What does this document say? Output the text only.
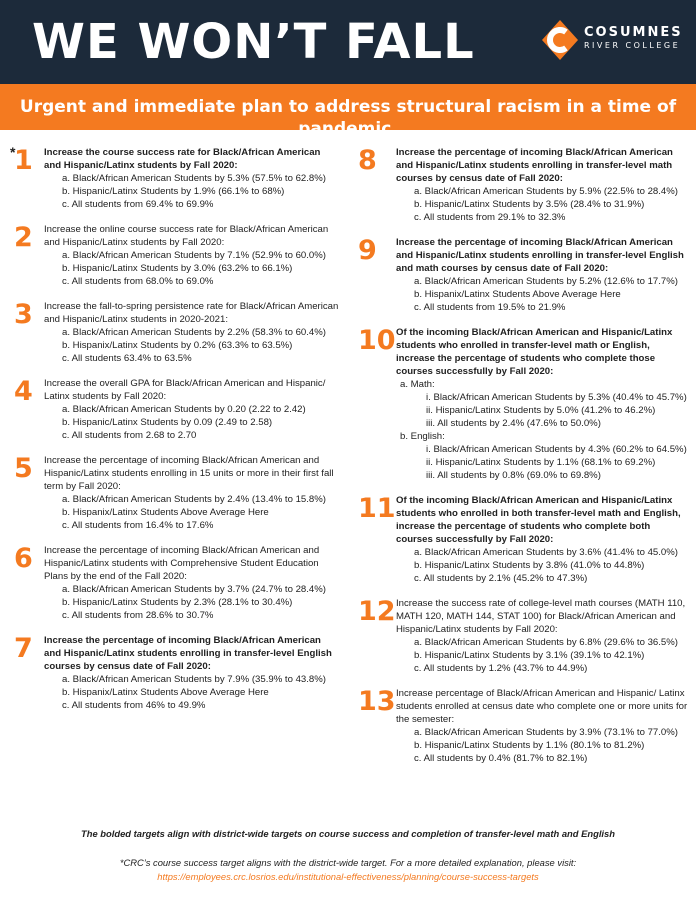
WE WON’T FALL	COSUMNES
RIVER COLLEGE

Urgent and immediate plan to address structural racism in a time of pandemic.

*
1 Increase the course success rate for Black/African American and Hispanic/Latinx students by Fall 2020:
a. Black/African American Students by 5.3% (57.5% to 62.8%)
b. Hispanic/Latinx Students by 1.9% (66.1% to 68%)
c. All students from 69.4% to 69.9%
2 Increase the online course success rate for Black/African American and Hispanic/Latinx students by Fall 2020:
a. Black/African American Students by 7.1% (52.9% to 60.0%)
b. Hispanic/Latinx Students by 3.0% (63.2% to 66.1%)
c. All students from 68.0% to 69.0%
3 Increase the fall-to-spring persistence rate for Black/African American and Hispanic/Latinx students in 2020-2021:
a. Black/African American Students by 2.2% (58.3% to 60.4%)
b. Hispanix/Latinx Students by 0.2% (63.3% to 63.5%)
c. All students 63.4% to 63.5%
4 Increase the overall GPA for Black/African American and Hispanic/ Latinx students by Fall 2020:
a. Black/African American Students by 0.20 (2.22 to 2.42)
b. Hispanic/Latinx Students by 0.09 (2.49 to 2.58)
c. All students from 2.68 to 2.70
5 Increase the percentage of incoming Black/African American and Hispanic/Latinx students enrolling in 15 units or more in their first fall term by Fall 2020:
a. Black/African American Students by 2.4% (13.4% to 15.8%)
b. Hispanix/Latinx Students Above Average Here
c. All students from 16.4% to 17.6%
6 Increase the percentage of incoming Black/African American and Hispanic/Latinx students with Comprehensive Student Education Plans by the end of the Fall 2020:
a. Black/African American Students by 3.7% (24.7% to 28.4%)
b. Hispanic/Latinx Students by 2.3% (28.1% to 30.4%)
c. All students from 28.6% to 30.7%
7 Increase the percentage of incoming Black/African American and Hispanic/Latinx students enrolling in transfer-level English courses by census date of Fall 2020:
a. Black/African American Students by 7.9% (35.9% to 43.8%)
b. Hispanix/Latinx Students Above Average Here
c. All students from 46% to 49.9%
8 Increase the percentage of incoming Black/African American and Hispanic/Latinx students enrolling in transfer-level math courses by census date of Fall 2020:
a. Black/African American Students by 5.9% (22.5% to 28.4%)
b. Hispanic/Latinx Students by 3.5% (28.4% to 31.9%)
c. All students from 29.1% to 32.3%
9 Increase the percentage of incoming Black/African American and Hispanic/Latinx students enrolling in transfer-level English and math courses by census date of Fall 2020:
a. Black/African American Students by 5.2% (12.6% to 17.7%)
b. Hispanix/Latinx Students Above Average Here
c. All students from 19.5% to 21.9%
10 Of the incoming Black/African American and Hispanic/Latinx students who enrolled in transfer-level math or English, increase the percentage of students who complete those courses successfully by Fall 2020:
a. Math:
i. Black/African American Students by 5.3% (40.4% to 45.7%)
ii. Hispanic/Latinx Students by 5.0% (41.2% to 46.2%)
iii. All students by 2.4% (47.6% to 50.0%)
b. English:
i. Black/African American Students by 4.3% (60.2% to 64.5%)
ii. Hispanic/Latinx Students by 1.1% (68.1% to 69.2%)
iii. All students by 0.8% (69.0% to 69.8%)
11 Of the incoming Black/African American and Hispanic/Latinx students who enrolled in both transfer-level math and English, increase the percentage of students who complete both courses successfully by Fall 2020:
a. Black/African American Students by 3.6% (41.4% to 45.0%)
b. Hispanic/Latinx Students by 3.8% (41.0% to 44.8%)
c. All students by 2.1% (45.2% to 47.3%)
12 Increase the success rate of college-level math courses (MATH 110, MATH 120, MATH 144, STAT 100) for Black/African American and Hispanic/Latinx students by Fall 2020:
a. Black/African American Students by 6.8% (29.6% to 36.5%)
b. Hispanic/Latinx Students by 3.1% (39.1% to 42.1%)
c. All students by 1.2% (43.7% to 44.9%)
13 Increase percentage of Black/African American and Hispanic/ Latinx students enrolled at census date who complete one or more units for the semester:
a. Black/African American Students by 3.9% (73.1% to 77.0%)
b. Hispanic/Latinx Students by 1.1% (80.1% to 81.2%)
c. All students by 0.4% (81.7% to 82.1%)
The bolded targets align with district-wide targets on course success and completion of transfer-level math and English
*CRC’s course success target aligns with the district-wide target. For a more detailed explanation, please visit:
https://employees.crc.losrios.edu/institutional-effectiveness/planning/course-success-targets
